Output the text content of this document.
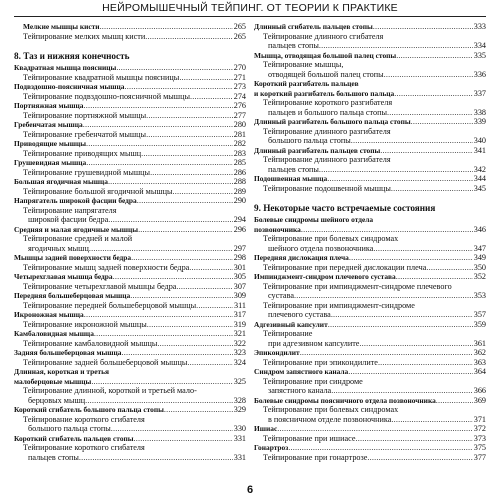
НЕЙРОМЫШЕЧНЫЙ ТЕЙПИНГ. ОТ ТЕОРИИ К ПРАКТИКЕ
Мелкие мышцы кисти .....	265
Тейпирование мелких мышц кисти .....	265
8. Таз и нижняя конечность
Квадратная мышца поясницы .....	270
Тейпирование квадратной мышцы поясницы .....	271
Подвздошно-поясничная мышца .....	273
Тейпирование подвздошно-поясничной мышцы .....	274
Портняжная мышца .....	276
Тейпирование портняжной мышцы .....	277
Гребенчатая мышца .....	280
Тейпирование гребенчатой мышцы .....	281
Приводящие мышцы .....	282
Тейпирование приводящих мышц .....	283
Грушевидная мышца .....	285
Тейпирование грушевидной мышцы .....	286
Большая ягодичная мышца .....	288
Тейпирование большой ягодичной мышцы .....	289
Напрягатель широкой фасции бедра .....	290
Тейпирование напрягателя
широкой фасции бедра .....	294
Средняя и малая ягодичные мышцы .....	296
Тейпирование средней и малой
ягодичных мышц .....	297
Мышцы задней поверхности бедра .....	298
Тейпирование мышц задней поверхности бедра .....	301
Четырехглавая мышца бедра .....	305
Тейпирование четырехглавой мышцы бедра .....	307
Передняя большеберцовая мышца .....	309
Тейпирование передней большеберцовой мышцы .....	311
Икроножная мышца .....	317
Тейпирование икроножной мышцы .....	319
Камбаловидная мышца .....	321
Тейпирование камбаловидной мышцы .....	322
Задняя большеберцовая мышца .....	323
Тейпирование задней большеберцовой мышцы .....	324
Длинная, короткая и третья
малоберцовые мышцы .....	325
Тейпирование длинной, короткой и третьей мало-
берцовых мышц .....	328
Короткий сгибатель большого пальца стопы .....	329
Тейпирование короткого сгибателя
большого пальца стопы .....	330
Короткий сгибатель пальцев стопы .....	331
Тейпирование короткого сгибателя
пальцев стопы .....	331
Длинный сгибатель пальцев стопы .....	333
Тейпирование длинного сгибателя
пальцев стопы .....	334
Мышца, отводящая большой палец стопы .....	335
Тейпирование мышцы,
отводящей большой палец стопы .....	336
Короткий разгибатель пальцев
и короткий разгибатель большого пальца .....	337
Тейпирование короткого разгибателя
пальцев и большого пальца стопы .....	338
Длинный разгибатель большого пальца стопы .....	339
Тейпирование длинного разгибателя
большого пальца стопы .....	340
Длинный разгибатель пальцев стопы .....	341
Тейпирование длинного разгибателя
пальцев стопы .....	342
Подошвенная мышца .....	344
Тейпирование подошвенной мышцы .....	345
9. Некоторые часто встречаемые состояния
Болевые синдромы шейного отдела
позвоночника .....	346
Тейпирование при болевых синдромах
шейного отдела позвоночника .....	347
Передняя дислокация плеча .....	349
Тейпирование при передней дислокации плеча .....	350
Импинджмент-синдром плечевого сустава .....	352
Тейпирование при импинджмент-синдроме плечевого
сустава .....	353
Тейпирование при импинджмент-синдроме
плечевого сустава .....	357
Адгезивный капсулит .....	359
Тейпирование
при адгезивном капсулите .....	361
Эпикондилит .....	362
Тейпирование при эпикондилите .....	363
Синдром запястного канала .....	364
Тейпирование при синдроме
запястного канала .....	366
Болевые синдромы поясничного отдела позвоночника .....	369
Тейпирование при болевых синдромах
в поясничном отделе позвоночника .....	371
Ишиас .....	372
Тейпирование при ишиасе .....	373
Гонартроз .....	375
Тейпирование при гонартрозе .....	377
6
